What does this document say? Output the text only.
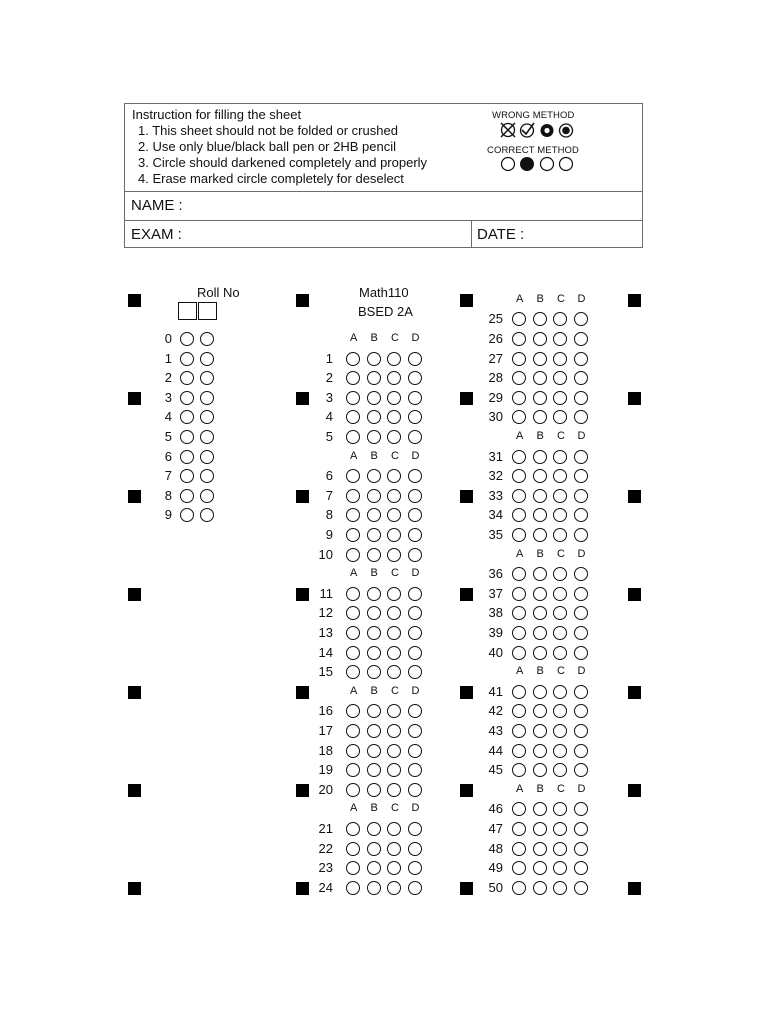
Instruction for filling the sheet
1. This sheet should not be folded or crushed
2. Use only blue/black ball pen or 2HB pencil
3. Circle should darkened completely and properly
4. Erase marked circle completely for deselect
WRONG METHOD
CORRECT METHOD
NAME :
EXAM :	DATE :
Roll No	Math110
BSED 2A
0
1
2
3
4
5
6
7
8
9
A B C D
A B C D
A B C D
A B C D
A B C D
1
2
3
4
5
6
7
8
9
10
11
12
13
14
15
16
17
18
19
20
21
22
23
24
A B C D
A B C D
A B C D
A B C D
A B C D
25
26
27
28
29
30
31
32
33
34
35
36
37
38
39
40
41
42
43
44
45
46
47
48
49
50
